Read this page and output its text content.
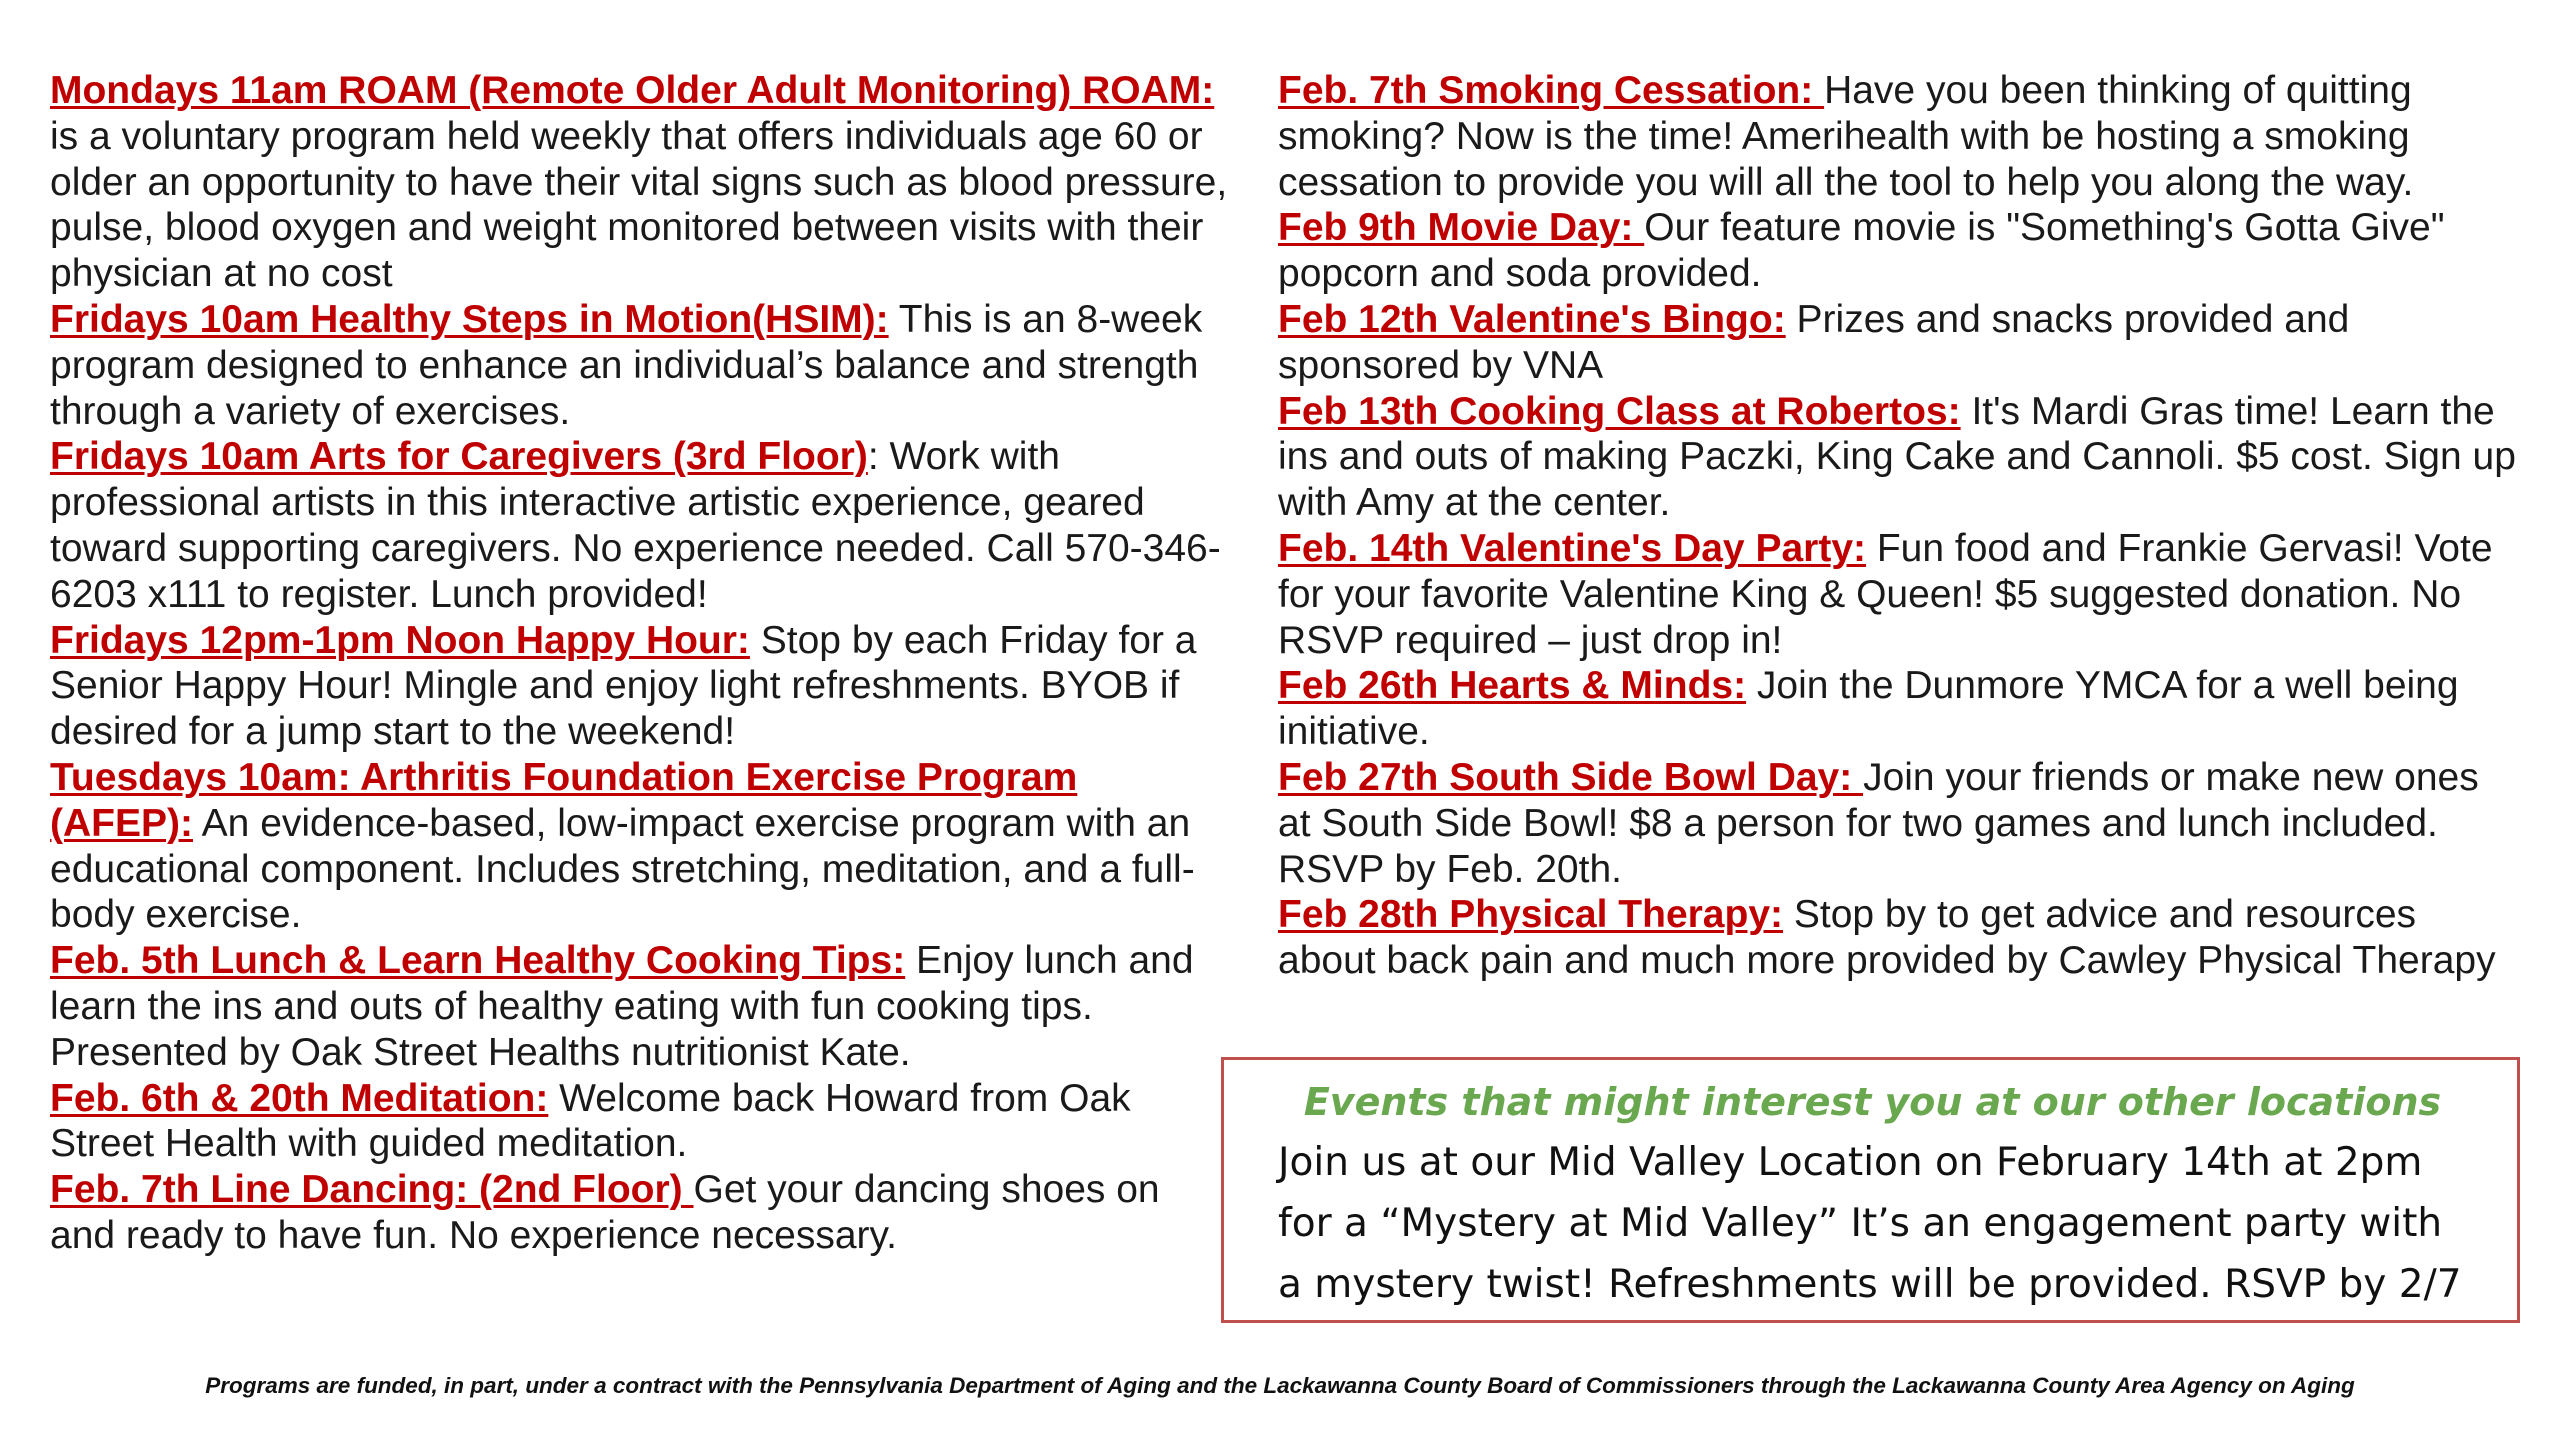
Mondays 11am ROAM (Remote Older Adult Monitoring) ROAM: is a voluntary program held weekly that offers individuals age 60 or older an opportunity to have their vital signs such as blood pressure, pulse, blood oxygen and weight monitored between visits with their physician at no cost

Fridays 10am Healthy Steps in Motion(HSIM): This is an 8-week program designed to enhance an individual’s balance and strength through a variety of exercises.

Fridays 10am Arts for Caregivers (3rd Floor): Work with professional artists in this interactive artistic experience, geared toward supporting caregivers. No experience needed. Call 570-346-6203 x111 to register. Lunch provided!

Fridays 12pm-1pm Noon Happy Hour: Stop by each Friday for a Senior Happy Hour! Mingle and enjoy light refreshments. BYOB if desired for a jump start to the weekend!

Tuesdays 10am: Arthritis Foundation Exercise Program (AFEP): An evidence-based, low-impact exercise program with an educational component. Includes stretching, meditation, and a full-body exercise.

Feb. 5th Lunch & Learn Healthy Cooking Tips: Enjoy lunch and learn the ins and outs of healthy eating with fun cooking tips. Presented by Oak Street Healths nutritionist Kate.

Feb. 6th & 20th Meditation: Welcome back Howard from Oak Street Health with guided meditation.

Feb. 7th Line Dancing: (2nd Floor) Get your dancing shoes on and ready to have fun. No experience necessary.

Feb. 7th Smoking Cessation: Have you been thinking of quitting smoking? Now is the time! Amerihealth with be hosting a smoking cessation to provide you will all the tool to help you along the way.

Feb 9th Movie Day: Our feature movie is "Something's Gotta Give" popcorn and soda provided.

Feb 12th Valentine's Bingo: Prizes and snacks provided and sponsored by VNA

Feb 13th Cooking Class at Robertos: It's Mardi Gras time! Learn the ins and outs of making Paczki, King Cake and Cannoli. $5 cost. Sign up with Amy at the center.

Feb. 14th Valentine's Day Party: Fun food and Frankie Gervasi! Vote for your favorite Valentine King & Queen! $5 suggested donation. No RSVP required – just drop in!

Feb 26th Hearts & Minds: Join the Dunmore YMCA for a well being initiative.

Feb 27th South Side Bowl Day: Join your friends or make new ones at South Side Bowl! $8 a person for two games and lunch included. RSVP by Feb. 20th.

Feb 28th Physical Therapy: Stop by to get advice and resources about back pain and much more provided by Cawley Physical Therapy

Events that might interest you at our other locations

Join us at our Mid Valley Location on February 14th at 2pm for a “Mystery at Mid Valley” It’s an engagement party with a mystery twist! Refreshments will be provided. RSVP by 2/7

Programs are funded, in part, under a contract with the Pennsylvania Department of Aging and the Lackawanna County Board of Commissioners through the Lackawanna County Area Agency on Aging
